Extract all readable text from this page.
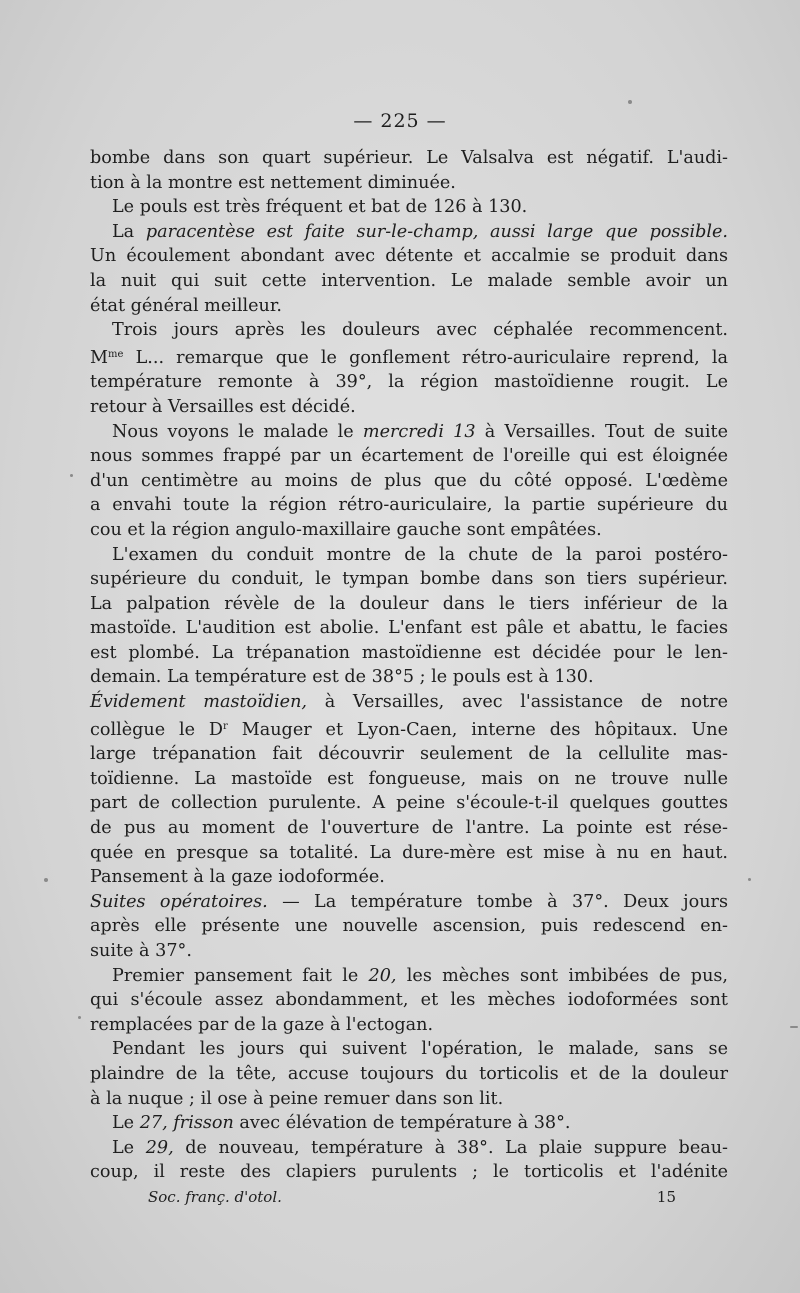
— 225 —
bombe dans son quart supérieur. Le Valsalva est négatif. L'audi-
tion à la montre est nettement diminuée.
Le pouls est très fréquent et bat de 126 à 130.
La paracentèse est faite sur-le-champ, aussi large que possible.
Un écoulement abondant avec détente et accalmie se produit dans
la nuit qui suit cette intervention. Le malade semble avoir un
état général meilleur.
Trois jours après les douleurs avec céphalée recommencent.
$M^{me}$ L... remarque que le gonflement rétro-auriculaire reprend, la
température remonte à 39°, la région mastoïdienne rougit. Le
retour à Versailles est décidé.
Nous voyons le malade le mercredi 13 à Versailles. Tout de suite
nous sommes frappé par un écartement de l'oreille qui est éloignée
d'un centimètre au moins de plus que du côté opposé. L'œdème
a envahi toute la région rétro-auriculaire, la partie supérieure du
cou et la région angulo-maxillaire gauche sont empâtées.
L'examen du conduit montre de la chute de la paroi postéro-
supérieure du conduit, le tympan bombe dans son tiers supérieur.
La palpation révèle de la douleur dans le tiers inférieur de la
mastoïde. L'audition est abolie. L'enfant est pâle et abattu, le facies
est plombé. La trépanation mastoïdienne est décidée pour le len-
demain. La température est de 38°5 ; le pouls est à 130.
Évidement mastoïdien, à Versailles, avec l'assistance de notre
collègue le $D^r$ Mauger et Lyon-Caen, interne des hôpitaux. Une
large trépanation fait découvrir seulement de la cellulite mas-
toïdienne. La mastoïde est fongueuse, mais on ne trouve nulle
part de collection purulente. A peine s'écoule-t-il quelques gouttes
de pus au moment de l'ouverture de l'antre. La pointe est rése-
quée en presque sa totalité. La dure-mère est mise à nu en haut.
Pansement à la gaze iodoformée.
Suites opératoires. — La température tombe à 37°. Deux jours
après elle présente une nouvelle ascension, puis redescend en-
suite à 37°.
Premier pansement fait le 20, les mèches sont imbibées de pus,
qui s'écoule assez abondamment, et les mèches iodoformées sont
remplacées par de la gaze à l'ectogan.
Pendant les jours qui suivent l'opération, le malade, sans se
plaindre de la tête, accuse toujours du torticolis et de la douleur
à la nuque ; il ose à peine remuer dans son lit.
Le 27, frisson avec élévation de température à 38°.
Le 29, de nouveau, température à 38°. La plaie suppure beau-
coup, il reste des clapiers purulents ; le torticolis et l'adénite
Soc. franç. d'otol.	15
